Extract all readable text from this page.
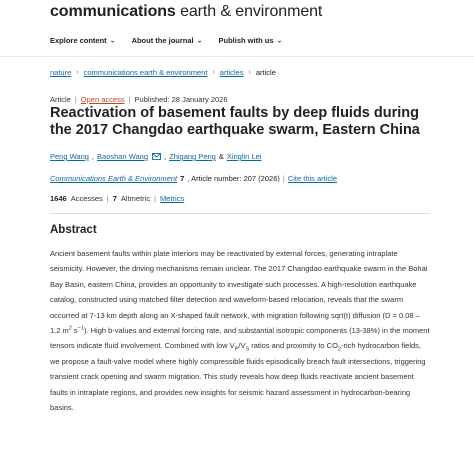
communications earth & environment
Explore content ⌄ About the journal ⌄ Publish with us ⌄
nature › communications earth & environment › articles › article
Article | Open access | Published: 28 January 2026
Reactivation of basement faults by deep fluids during the 2017 Changdao earthquake swarm, Eastern China
Peng Wang , Baoshan Wang , Zhigang Peng & Xinglin Lei
Communications Earth & Environment 7 , Article number: 207 (2026) | Cite this article
1646 Accesses | 7 Altmetric | Metrics
Abstract

Ancient basement faults within plate interiors may be reactivated by external forces, generating intraplate seismicity. However, the driving mechanisms remain unclear. The 2017 Changdao earthquake swarm in the Bohai Bay Basin, eastern China, provides an opportunity to investigate such processes. A high-resolution earthquake catalog, constructed using matched filter detection and waveform-based relocation, reveals that the swarm occurred at 7-13 km depth along an X-shaped fault network, with migration following sqrt(t) diffusion (D = 0.08 – 1.2 $m^2$ $s^{-1}$). High b-values and external forcing rate, and substantial isotropic components (13-38%) in the moment tensors indicate fluid involvement. Combined with low $V_P/V_S$ ratios and proximity to $CO_2$-rich hydrocarbon fields, we propose a fault-valve model where highly compressible fluids episodically breach fault intersections, triggering transient crack opening and swarm migration. This study reveals how deep fluids reactivate ancient basement faults in intraplate regions, and provides new insights for seismic hazard assessment in hydrocarbon-bearing basins.
